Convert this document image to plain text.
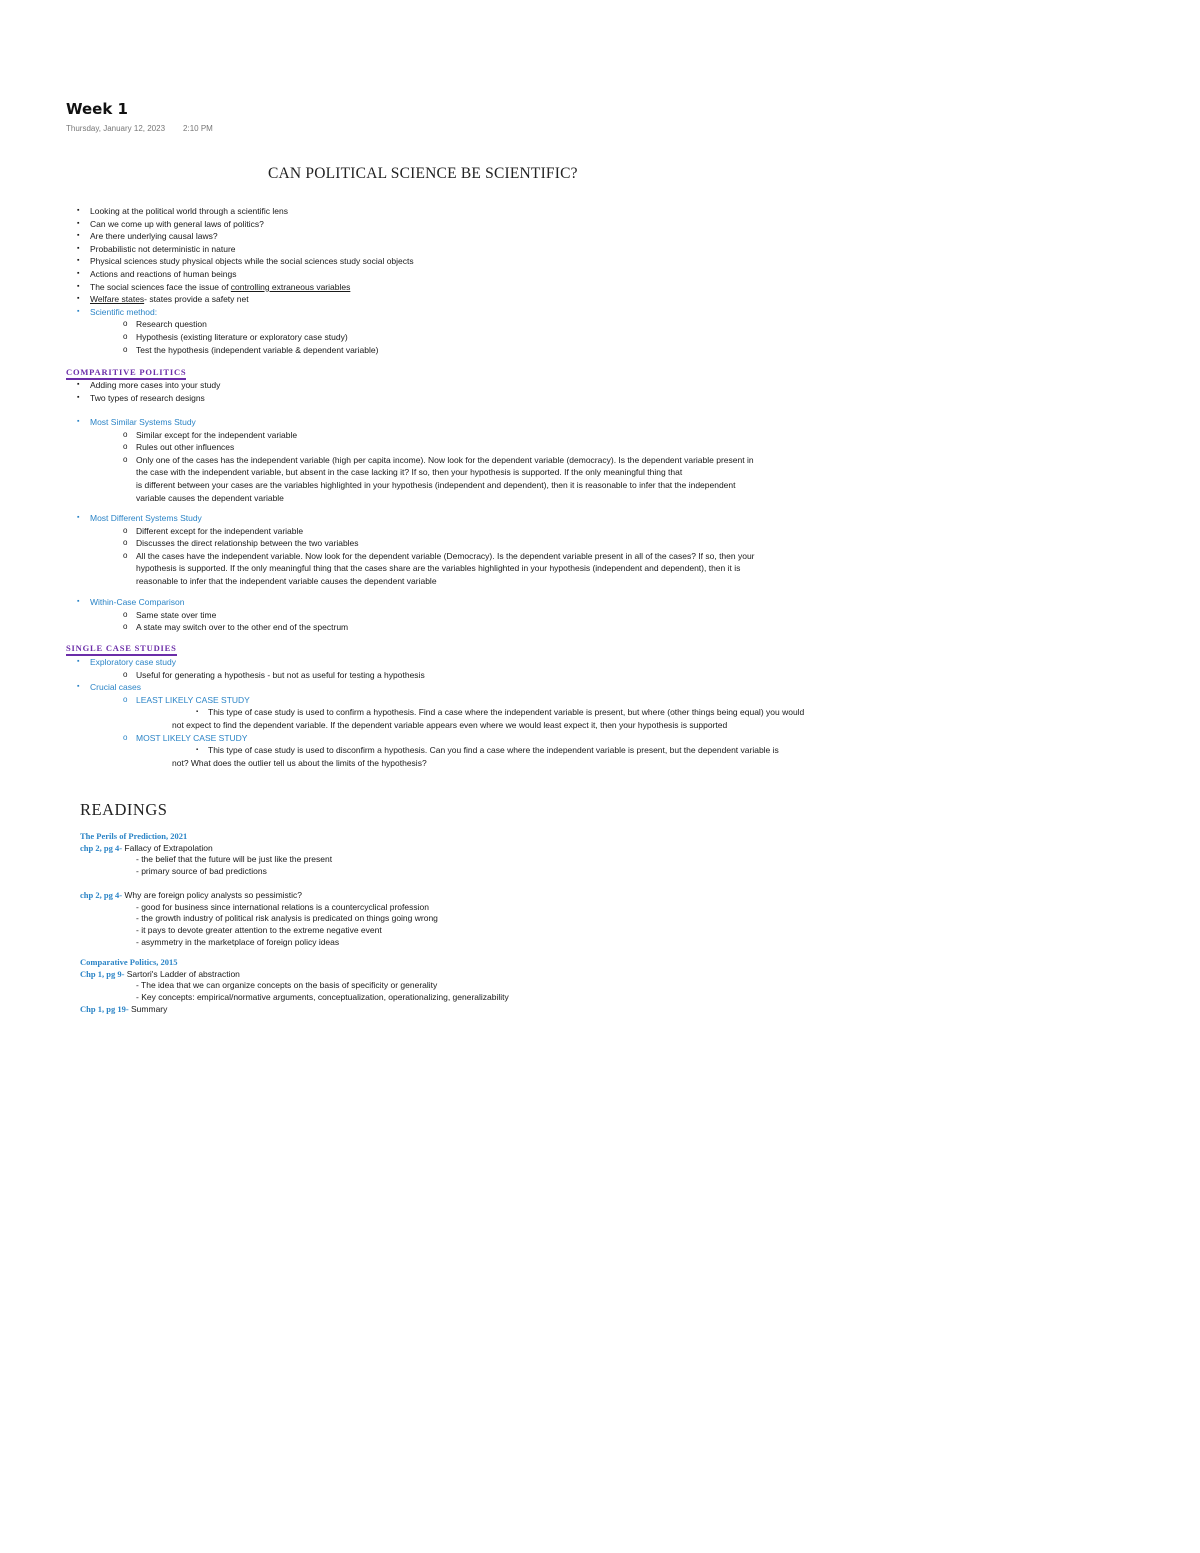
Week 1
Thursday, January 12, 2023 2:10 PM
CAN POLITICAL SCIENCE BE SCIENTIFIC?
▪ Looking at the political world through a scientific lens
▪ Can we come up with general laws of politics?
▪ Are there underlying causal laws?
▪ Probabilistic not deterministic in nature
▪ Physical sciences study physical objects while the social sciences study social objects
▪ Actions and reactions of human beings
▪ The social sciences face the issue of controlling extraneous variables
▪ Welfare states- states provide a safety net
▪ Scientific method:
o Research question
o Hypothesis (existing literature or exploratory case study)
o Test the hypothesis (independent variable & dependent variable)
COMPARITIVE POLITICS
▪ Adding more cases into your study
▪ Two types of research designs
▪ Most Similar Systems Study
o Similar except for the independent variable
o Rules out other influences
o Only one of the cases has the independent variable (high per capita income). Now look for the dependent variable (democracy). Is the dependent variable present in
the case with the independent variable, but absent in the case lacking it? If so, then your hypothesis is supported. If the only meaningful thing that
is different between your cases are the variables highlighted in your hypothesis (independent and dependent), then it is reasonable to infer that the independent
variable causes the dependent variable
▪ Most Different Systems Study
o Different except for the independent variable
o Discusses the direct relationship between the two variables
o All the cases have the independent variable. Now look for the dependent variable (Democracy). Is the dependent variable present in all of the cases? If so, then your
hypothesis is supported. If the only meaningful thing that the cases share are the variables highlighted in your hypothesis (independent and dependent), then it is
reasonable to infer that the independent variable causes the dependent variable
▪ Within-Case Comparison
o Same state over time
o A state may switch over to the other end of the spectrum
SINGLE CASE STUDIES
▪ Exploratory case study
o Useful for generating a hypothesis - but not as useful for testing a hypothesis
▪ Crucial cases
o LEAST LIKELY CASE STUDY
▪ This type of case study is used to confirm a hypothesis. Find a case where the independent variable is present, but where (other things being equal) you would
not expect to find the dependent variable. If the dependent variable appears even where we would least expect it, then your hypothesis is supported
o MOST LIKELY CASE STUDY
▪ This type of case study is used to disconfirm a hypothesis. Can you find a case where the independent variable is present, but the dependent variable is
not? What does the outlier tell us about the limits of the hypothesis?
READINGS
The Perils of Prediction, 2021
chp 2, pg 4- Fallacy of Extrapolation
- the belief that the future will be just like the present
- primary source of bad predictions
chp 2, pg 4- Why are foreign policy analysts so pessimistic?
- good for business since international relations is a countercyclical profession
- the growth industry of political risk analysis is predicated on things going wrong
- it pays to devote greater attention to the extreme negative event
- asymmetry in the marketplace of foreign policy ideas
Comparative Politics, 2015
Chp 1, pg 9- Sartori's Ladder of abstraction
- The idea that we can organize concepts on the basis of specificity or generality
- Key concepts: empirical/normative arguments, conceptualization, operationalizing, generalizability
Chp 1, pg 19- Summary
